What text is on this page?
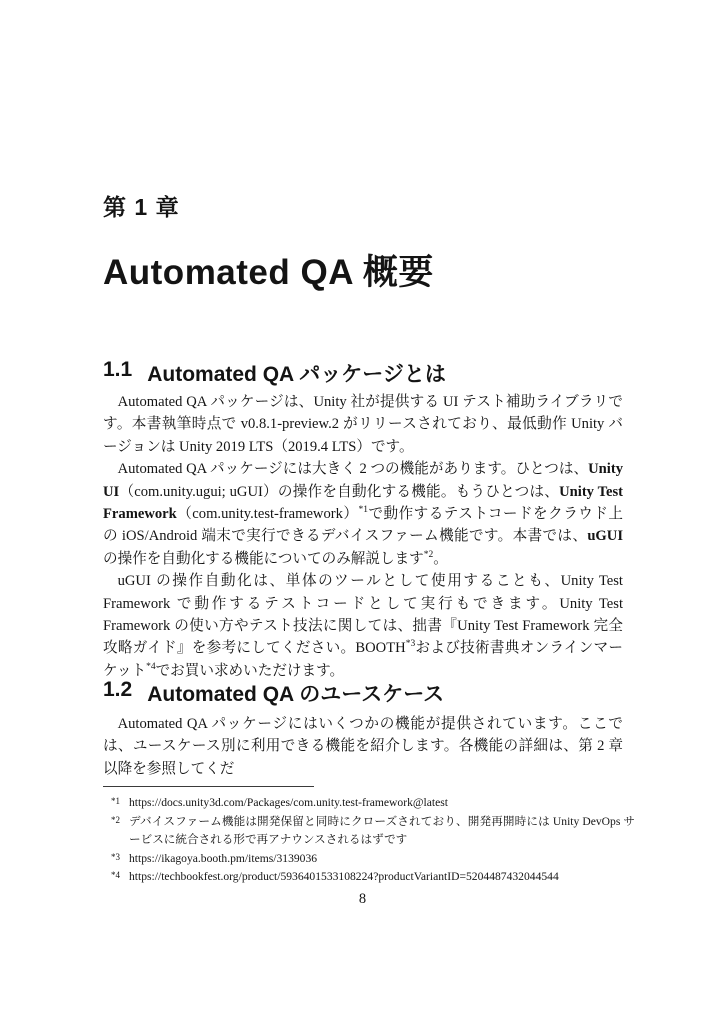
第 1 章
Automated QA 概要
1.1 Automated QA パッケージとは

Automated QA パッケージは、Unity 社が提供する UI テスト補助ライブラリです。本書執筆時点で v0.8.1-preview.2 がリリースされており、最低動作 Unity バージョンは Unity 2019 LTS（2019.4 LTS）です。

Automated QA パッケージには大きく 2 つの機能があります。ひとつは、Unity UI（com.unity.ugui; uGUI）の操作を自動化する機能。もうひとつは、Unity Test Framework（com.unity.test-framework）$^{*1}$で動作するテストコードをクラウド上の iOS/Android 端末で実行できるデバイスファーム機能です。本書では、uGUI の操作を自動化する機能についてのみ解説します$^{*2}$。

uGUI の操作自動化は、単体のツールとして使用することも、Unity Test Framework で動作するテストコードとして実行もできます。Unity Test Framework の使い方やテスト技法に関しては、拙書『Unity Test Framework 完全攻略ガイド』を参考にしてください。BOOTH$^{*3}$および技術書典オンラインマーケット$^{*4}$でお買い求めいただけます。

1.2 Automated QA のユースケース

Automated QA パッケージにはいくつかの機能が提供されています。ここでは、ユースケース別に利用できる機能を紹介します。各機能の詳細は、第 2 章以降を参照してくだ

*1 https://docs.unity3d.com/Packages/com.unity.test-framework@latest
*2 デバイスファーム機能は開発保留と同時にクローズされており、開発再開時には Unity DevOps サービスに統合される形で再アナウンスされるはずです
*3 https://ikagoya.booth.pm/items/3139036
*4 https://techbookfest.org/product/5936401533108224?productVariantID=5204487432044544
8
